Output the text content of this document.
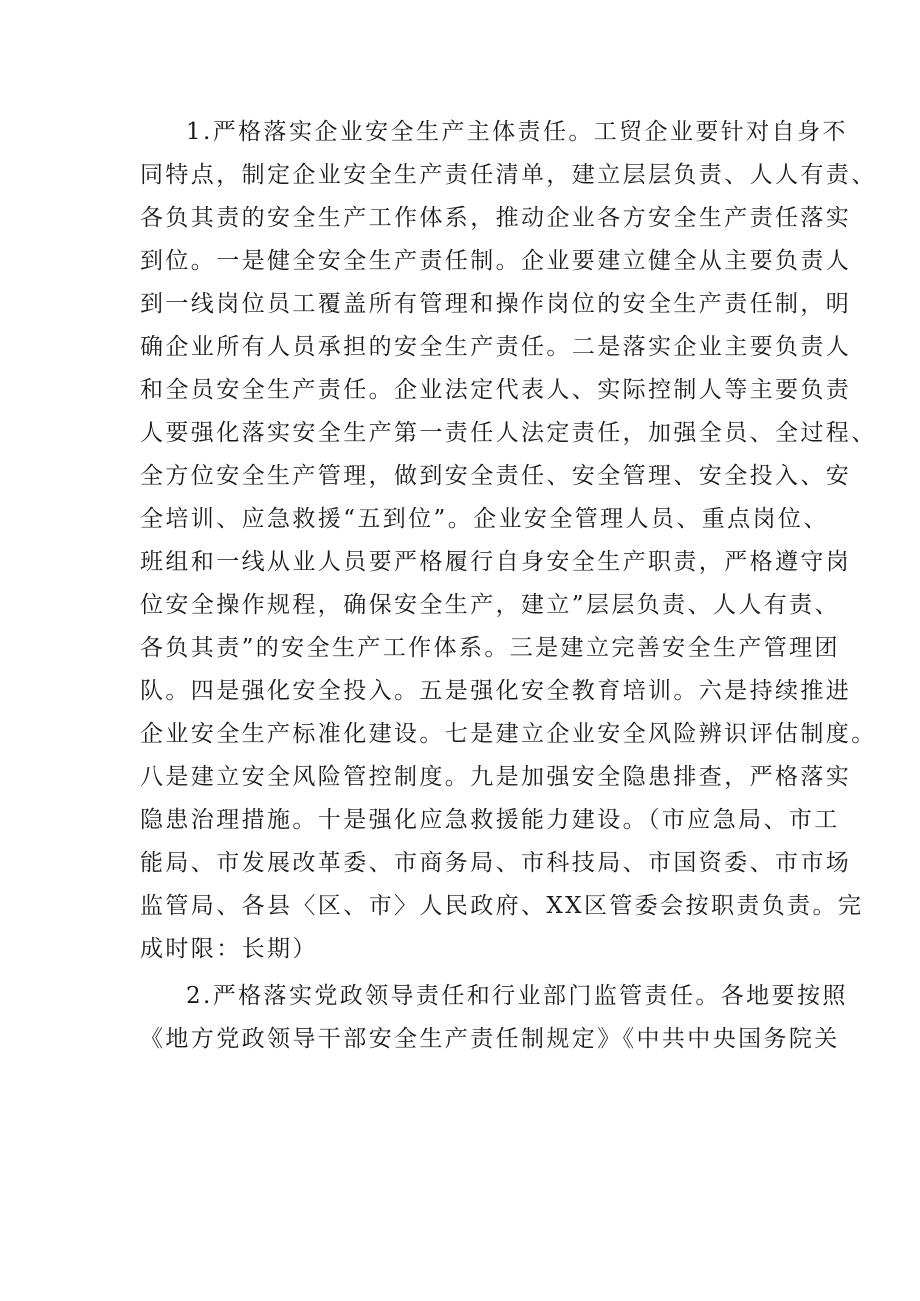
1.严格落实企业安全生产主体责任。工贸企业要针对自身不
同特点，制定企业安全生产责任清单，建立层层负责、人人有责、
各负其责的安全生产工作体系，推动企业各方安全生产责任落实
到位。一是健全安全生产责任制。企业要建立健全从主要负责人
到一线岗位员工覆盖所有管理和操作岗位的安全生产责任制，明
确企业所有人员承担的安全生产责任。二是落实企业主要负责人
和全员安全生产责任。企业法定代表人、实际控制人等主要负责
人要强化落实安全生产第一责任人法定责任，加强全员、全过程、
全方位安全生产管理，做到安全责任、安全管理、安全投入、安
全培训、应急救援“五到位”。企业安全管理人员、重点岗位、
班组和一线从业人员要严格履行自身安全生产职责，严格遵守岗
位安全操作规程，确保安全生产，建立”层层负责、人人有责、
各负其责”的安全生产工作体系。三是建立完善安全生产管理团
队。四是强化安全投入。五是强化安全教育培训。六是持续推进
企业安全生产标准化建设。七是建立企业安全风险辨识评估制度。
八是建立安全风险管控制度。九是加强安全隐患排查，严格落实
隐患治理措施。十是强化应急救援能力建设。（市应急局、市工
能局、市发展改革委、市商务局、市科技局、市国资委、市市场
监管局、各县〈区、市〉人民政府、XX区管委会按职责负责。完
成时限：长期）
2.严格落实党政领导责任和行业部门监管责任。各地要按照
《地方党政领导干部安全生产责任制规定》《中共中央国务院关
